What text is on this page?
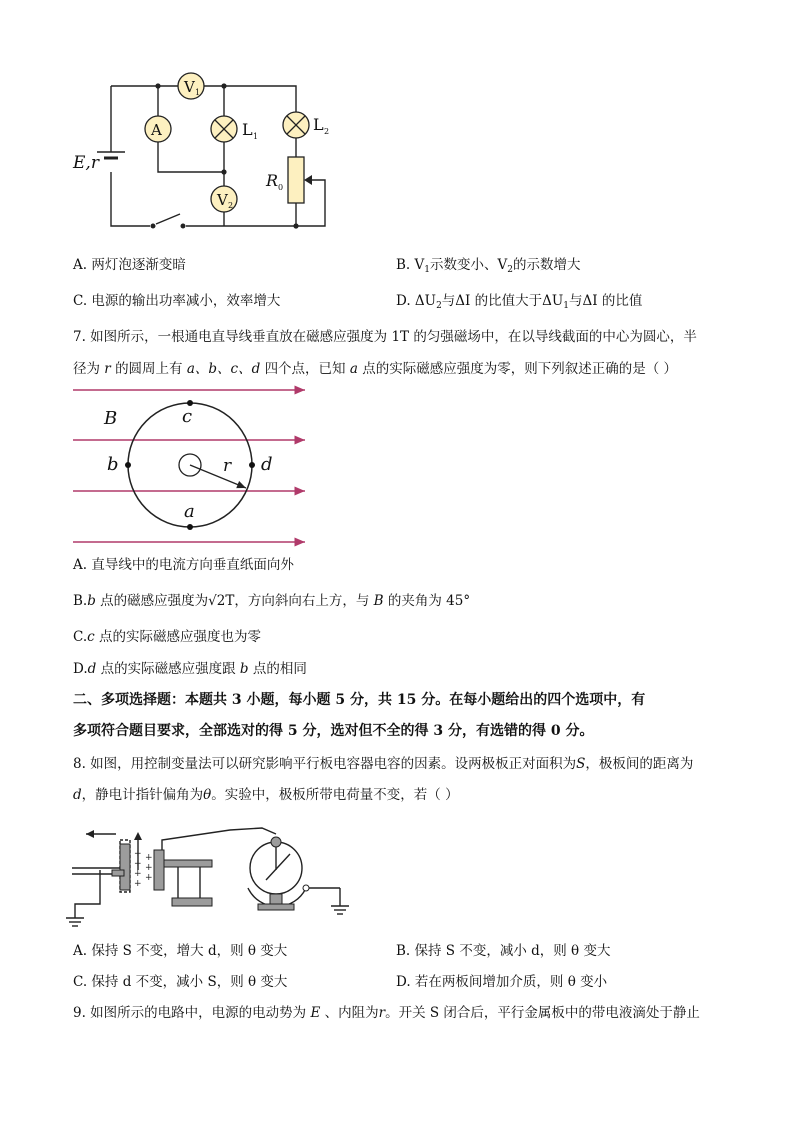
V 1
A	L 1
L 2
V 2
R 0
E,r
A. 两灯泡逐渐变暗	B. $V_1$示数变小、$V_2$的示数增大
C. 电源的输出功率减小，效率增大	D. $\Delta U_2$与ΔI 的比值大于$\Delta U_1$与ΔI 的比值
7. 如图所示，一根通电直导线垂直放在磁感应强度为 1T 的匀强磁场中，在以导线截面的中心为圆心，半
径为 r 的圆周上有 a、b、c、d 四个点，已知 a 点的实际磁感应强度为零，则下列叙述正确的是（ ）
B	c
a
b	d
r
A. 直导线中的电流方向垂直纸面向外
B.b 点的磁感应强度为√2T，方向斜向右上方，与 B 的夹角为 45°
C.c 点的实际磁感应强度也为零
D.d 点的实际磁感应强度跟 b 点的相同
二、多项选择题：本题共 3 小题，每小题 5 分，共 15 分。在每小题给出的四个选项中，有
多项符合题目要求，全部选对的得 5 分，选对但不全的得 3 分，有选错的得 0 分。
8. 如图，用控制变量法可以研究影响平行板电容器电容的因素。设两极板正对面积为S，极板间的距离为
d，静电计指针偏角为θ。实验中，极板所带电荷量不变，若（ ）
+
+
+
+
+
+
+
A. 保持 S 不变，增大 d，则 θ 变大	B. 保持 S 不变，减小 d，则 θ 变大
C. 保持 d 不变，减小 S，则 θ 变大	D. 若在两板间增加介质，则 θ 变小
9. 如图所示的电路中，电源的电动势为 E 、内阻为r。开关 S 闭合后，平行金属板中的带电液滴处于静止
